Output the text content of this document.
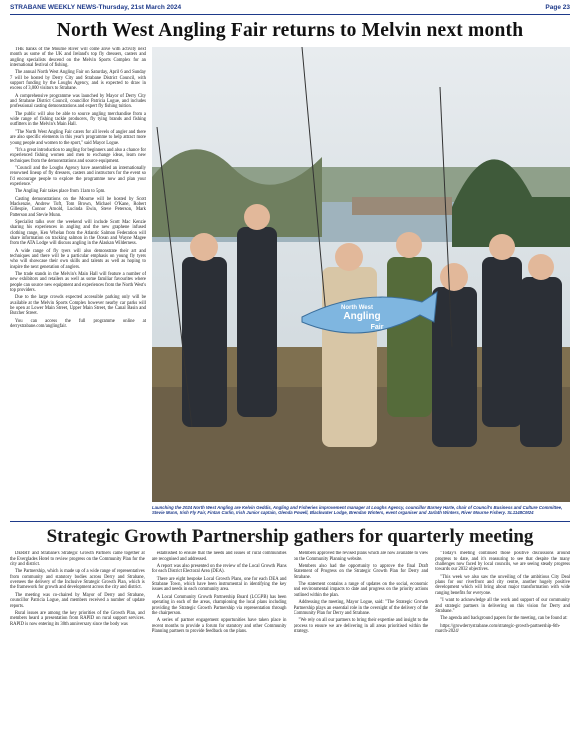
STRABANE WEEKLY NEWS-Thursday, 21st March 2024	Page 23
North West Angling Fair returns to Melvin next month

THE banks of the Mourne River will come alive with activity next month as some of the UK and Ireland's top fly dressers, casters and angling specialists descend on the Melvin Sports Complex for an international festival of fishing.

The annual North West Angling Fair on Saturday, April 6 and Sunday 7 will be hosted by Derry City and Strabane District Council, with support funding by the Loughs Agency, and is expected to draw in excess of 3,000 visitors to Strabane.

A comprehensive programme was launched by Mayor of Derry City and Strabane District Council, councillor Patricia Logue, and includes professional casting demonstrations and expert fly fishing tuition.

The public will also be able to source angling merchandise from a wide range of fishing tackle producers, fly tying brands and fishing outfitters in the Melvin's Main Hall.

"The North West Angling Fair caters for all levels of angler and there are also specific elements in this year's programme to help attract more young people and women to the sport," said Mayor Logue.

"It's a great introduction to angling for beginners and also a chance for experienced fishing women and men to exchange ideas, learn new techniques from the demonstrations and source equipment.

"Council and the Loughs Agency have assembled an internationally renowned lineup of fly dressers, casters and instructors for the event so I'd encourage people to explore the programme now and plan your experience."

The Angling Fair takes place from 11am to 5pm.

Casting demonstrations on the Mourne will be hosted by Scott Mackenzie, Andrew Toft, Tom Brown, Michael O'Kane, Robert Gillespie, Connor Arnold, Lucinda Ewin, Steve Peterson, Mark Patterson and Stevie Munn.

Specialist talks over the weekend will include Scott Mac Kenzie sharing his experiences in angling and the new graphene infused clothing range, Ken Whelan from the Atlantic Salmon Federation will share information on tracking salmon in the Ocean and Wayne Magee from the ATA Lodge will discuss angling in the Alaskan Wilderness.

A wide range of fly tyers will also demonstrate their art and techniques and there will be a particular emphasis on young fly tyers who will showcase their own skills and talents as well as hoping to inspire the next generation of anglers.

The trade stands in the Melvin's Main Hall will feature a number of new exhibitors and retailers as well as some familiar favourites where people can source new equipment and experiences from the North West's top providers.

Due to the large crowds expected accessible parking only will be available at the Melvin Sports Complex however nearby car parks will be open at Lower Main Street, Upper Main Street, the Canal Basin and Butcher Street.

You can access the full programme online at derrystrabane.com/anglingfair.

North West
Angling
Fair
Launching the 2024 North West Angling are Kelvin Geddis, Angling and Fisheries improvement manager at Loughs Agency, councillor Barney Harte, chair of Council's Business and Culture Committee, Stevie Munn, Irish Fly Fair, Fintan Carlin, Irish Junior captain, Glenda Powell, Blackwater Lodge, Brendan Winters, event organiser and Jarlath Winters, River Mourne Fishery. SL1148CM24
Strategic Growth Partnership gathers for quarterly meeting

DERRY and Strabane's Strategic Growth Partners came together at the Everglades Hotel to review progress on the Community Plan for the city and district.

The Partnership, which is made up of a wide range of representatives from community and statutory bodies across Derry and Strabane, oversees the delivery of the Inclusive Strategic Growth Plan, which is the framework for growth and development across the city and district.

The meeting was co-chaired by Mayor of Derry and Strabane, councillor Patricia Logue, and members received a number of update reports.

Rural issues are among the key priorities of the Growth Plan, and members heard a presentation from RAPID on rural support services. RAPID is now entering its 30th anniversary since the body was

established to ensure that the needs and issues of rural communities are recognised and addressed.

A report was also presented on the review of the Local Growth Plans for each District Electoral Area (DEA).

There are eight bespoke Local Growth Plans, one for each DEA and Strabane Town, which have been instrumental in identifying the key issues and needs in each community area.

A Local Community Growth Partnership Board (LCGPB) has been operating in each of the areas, championing the local plans including providing the Strategic Growth Partnership via representation through the chairperson.

A series of partner engagement opportunities have taken place in recent months to provide a forum for statutory and other Community Planning partners to provide feedback on the plans.

Members approved the revised plans which are now available to view on the Community Planning website.

Members also had the opportunity to approve the final Draft Statement of Progress on the Strategic Growth Plan for Derry and Strabane.

The statement contains a range of updates on the social, economic and environmental impacts to date and progress on the priority actions outlined within the plan.

Addressing the meeting, Mayor Logue, said: "The Strategic Growth Partnership plays an essential role in the oversight of the delivery of the Community Plan for Derry and Strabane.

"We rely on all our partners to bring their expertise and insight to the process to ensure we are delivering in all areas prioritised within the strategy.

"Today's meeting continued those positive discussions around progress to date, and it's reassuring to see that despite the many challenges now faced by local councils, we are seeing steady progress towards our 2032 objectives.

"This week we also saw the unveiling of the ambitious City Deal plans for our riverfront and city centre, another hugely positive development which will bring about major transformation with wide ranging benefits for everyone.

"I want to acknowledge all the work and support of our community and strategic partners in delivering on this vision for Derry and Strabane."

The agenda and background papers for the meeting, can be found at:

https://growderrystrabane.com/strategic-growth-partnership-6th-march-2024/
